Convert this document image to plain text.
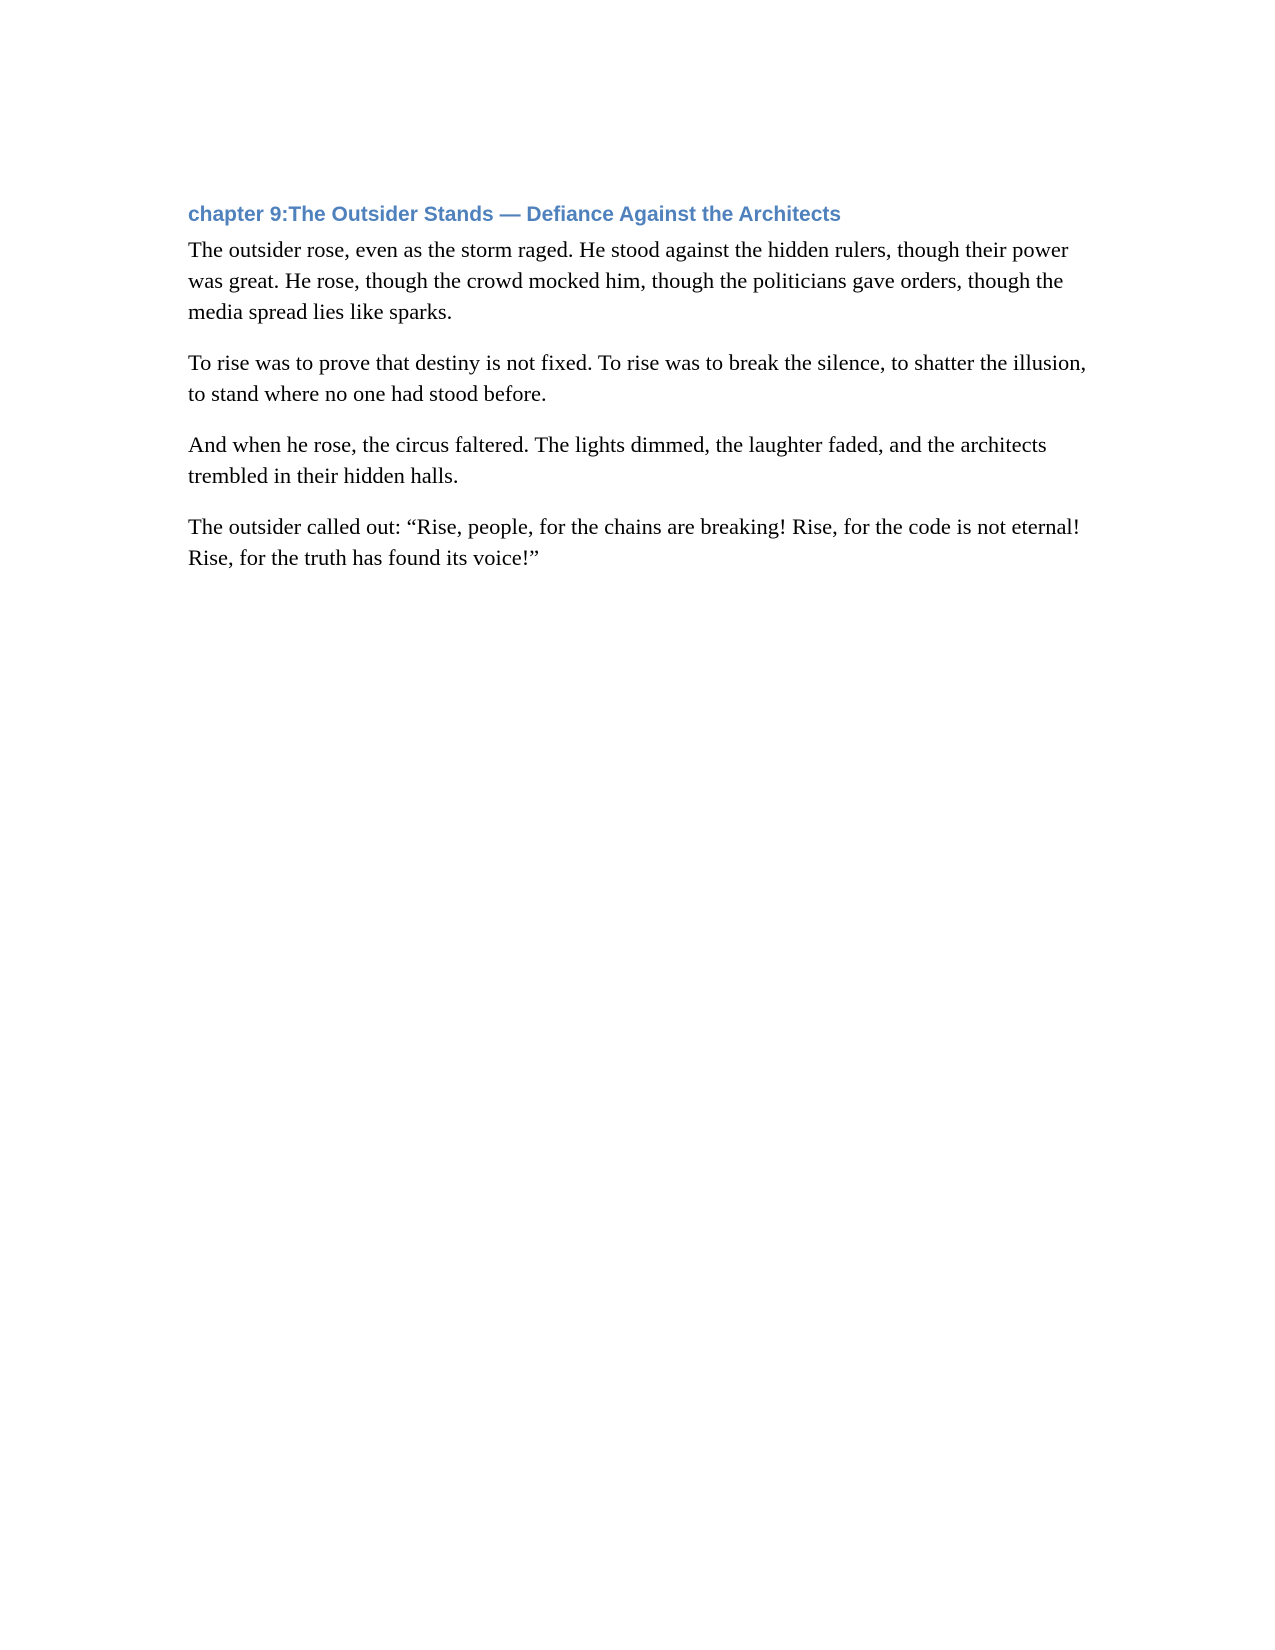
chapter 9:The Outsider Stands — Defiance Against the Architects

The outsider rose, even as the storm raged. He stood against the hidden rulers, though their power was great. He rose, though the crowd mocked him, though the politicians gave orders, though the media spread lies like sparks.

To rise was to prove that destiny is not fixed. To rise was to break the silence, to shatter the illusion, to stand where no one had stood before.

And when he rose, the circus faltered. The lights dimmed, the laughter faded, and the architects trembled in their hidden halls.

The outsider called out: “Rise, people, for the chains are breaking! Rise, for the code is not eternal! Rise, for the truth has found its voice!”
